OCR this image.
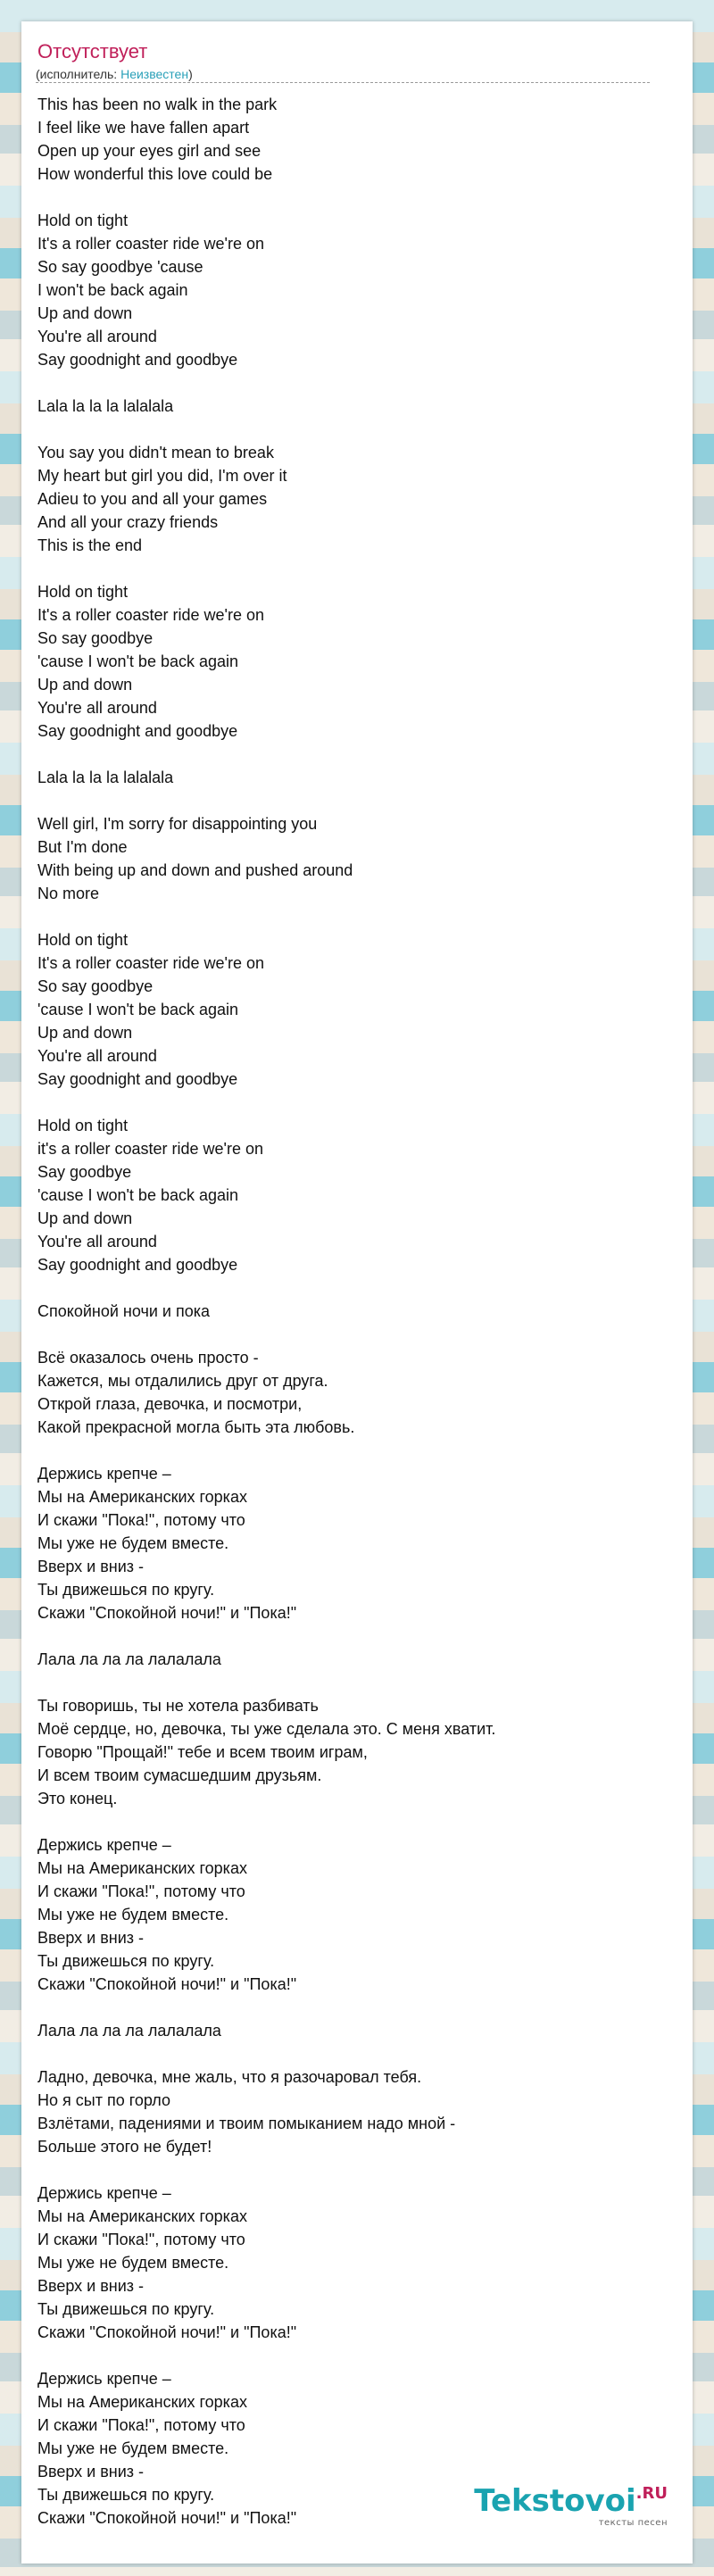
Отсутствует
(исполнитель: Неизвестен)
This has been no walk in the park
I feel like we have fallen apart
Open up your eyes girl and see
How wonderful this love could be
Hold on tight
It's a roller coaster ride we're on
So say goodbye 'cause
I won't be back again
Up and down
You're all around
Say goodnight and goodbye
Lala la la la lalalala
You say you didn't mean to break
My heart but girl you did, I'm over it
Adieu to you and all your games
And all your crazy friends
This is the end
Hold on tight
It's a roller coaster ride we're on
So say goodbye
'cause I won't be back again
Up and down
You're all around
Say goodnight and goodbye
Lala la la la lalalala
Well girl, I'm sorry for disappointing you
But I'm done
With being up and down and pushed around
No more
Hold on tight
It's a roller coaster ride we're on
So say goodbye
'cause I won't be back again
Up and down
You're all around
Say goodnight and goodbye
Hold on tight
it's a roller coaster ride we're on
Say goodbye
'cause I won't be back again
Up and down
You're all around
Say goodnight and goodbye
Спокойной ночи и пока
Всё оказалось очень просто -
Кажется, мы отдалились друг от друга.
Открой глаза, девочка, и посмотри,
Какой прекрасной могла быть эта любовь.
Держись крепче –
Мы на Американских горках
И скажи "Пока!", потому что
Мы уже не будем вместе.
Вверх и вниз -
Ты движешься по кругу.
Скажи "Спокойной ночи!" и "Пока!"
Лала ла ла ла лалалала
Ты говоришь, ты не хотела разбивать
Моё сердце, но, девочка, ты уже сделала это. С меня хватит.
Говорю "Прощай!" тебе и всем твоим играм,
И всем твоим сумасшедшим друзьям.
Это конец.
Держись крепче –
Мы на Американских горках
И скажи "Пока!", потому что
Мы уже не будем вместе.
Вверх и вниз -
Ты движешься по кругу.
Скажи "Спокойной ночи!" и "Пока!"
Лала ла ла ла лалалала
Ладно, девочка, мне жаль, что я разочаровал тебя.
Но я сыт по горло
Взлётами, падениями и твоим помыканием надо мной -
Больше этого не будет!
Держись крепче –
Мы на Американских горках
И скажи "Пока!", потому что
Мы уже не будем вместе.
Вверх и вниз -
Ты движешься по кругу.
Скажи "Спокойной ночи!" и "Пока!"
Держись крепче –
Мы на Американских горках
И скажи "Пока!", потому что
Мы уже не будем вместе.
Вверх и вниз -
Ты движешься по кругу.
Скажи "Спокойной ночи!" и "Пока!"	Tekstovoi$^{.RU}$
тексты песен
